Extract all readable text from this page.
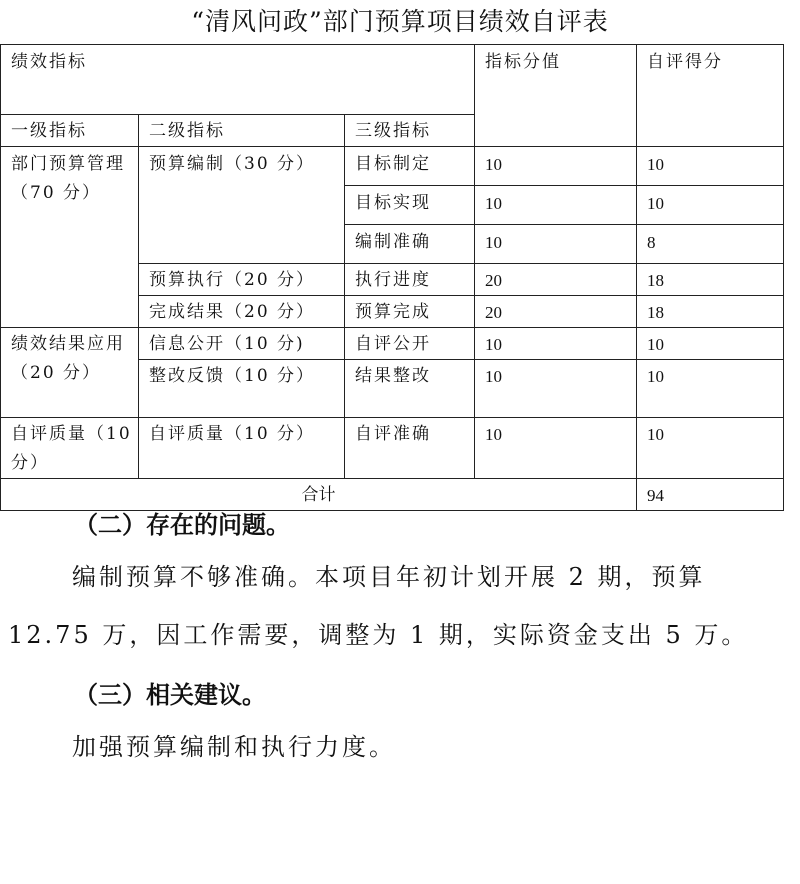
“清风问政”部门预算项目绩效自评表
绩效指标			指标分值	自评得分
一级指标	二级指标	三级指标		
部门预算管理（70 分）	预算编制（30 分）	目标制定	10	10
		目标实现	10	10
		编制准确	10	8
	预算执行（20 分）	执行进度	20	18
	完成结果（20 分）	预算完成	20	18
绩效结果应用（20 分）	信息公开（10 分)	自评公开	10	10
	整改反馈（10 分）	结果整改	10	10
自评质量（10 分）	自评质量（10 分）	自评准确	10	10
合计				94
（二）存在的问题。
编制预算不够准确。本项目年初计划开展 2 期，预算
12.75 万，因工作需要，调整为 1 期，实际资金支出 5 万。
（三）相关建议。
加强预算编制和执行力度。
